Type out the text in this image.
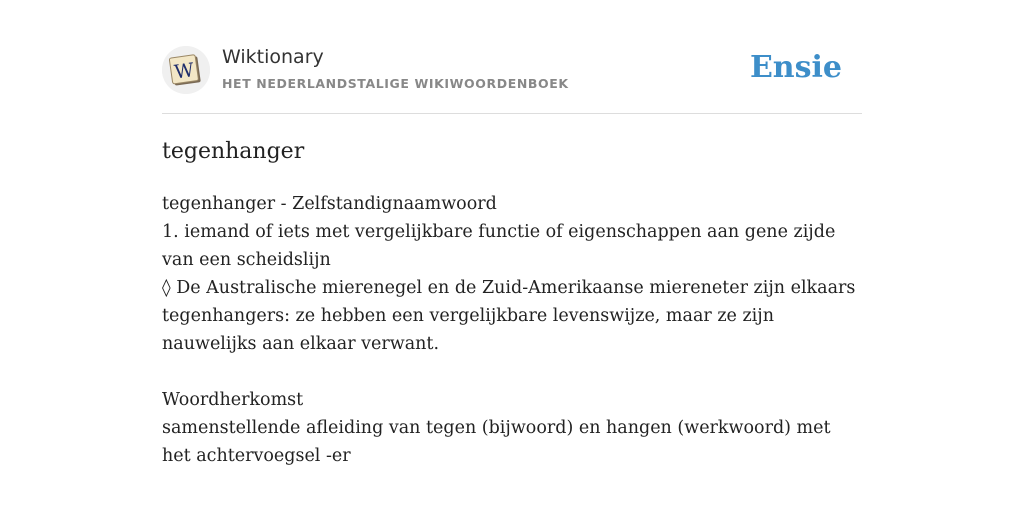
W
Wiktionary
HET NEDERLANDSTALIGE WIKIWOORDENBOEK	Ensie
tegenhanger
tegenhanger - Zelfstandignaamwoord
1. iemand of iets met vergelijkbare functie of eigenschappen aan gene zijde van een scheidslijn
◊ De Australische mierenegel en de Zuid-Amerikaanse miereneter zijn elkaars tegenhangers: ze hebben een vergelijkbare levenswijze, maar ze zijn nauwelijks aan elkaar verwant.
Woordherkomst
samenstellende afleiding van tegen (bijwoord) en hangen (werkwoord) met het achtervoegsel -er
